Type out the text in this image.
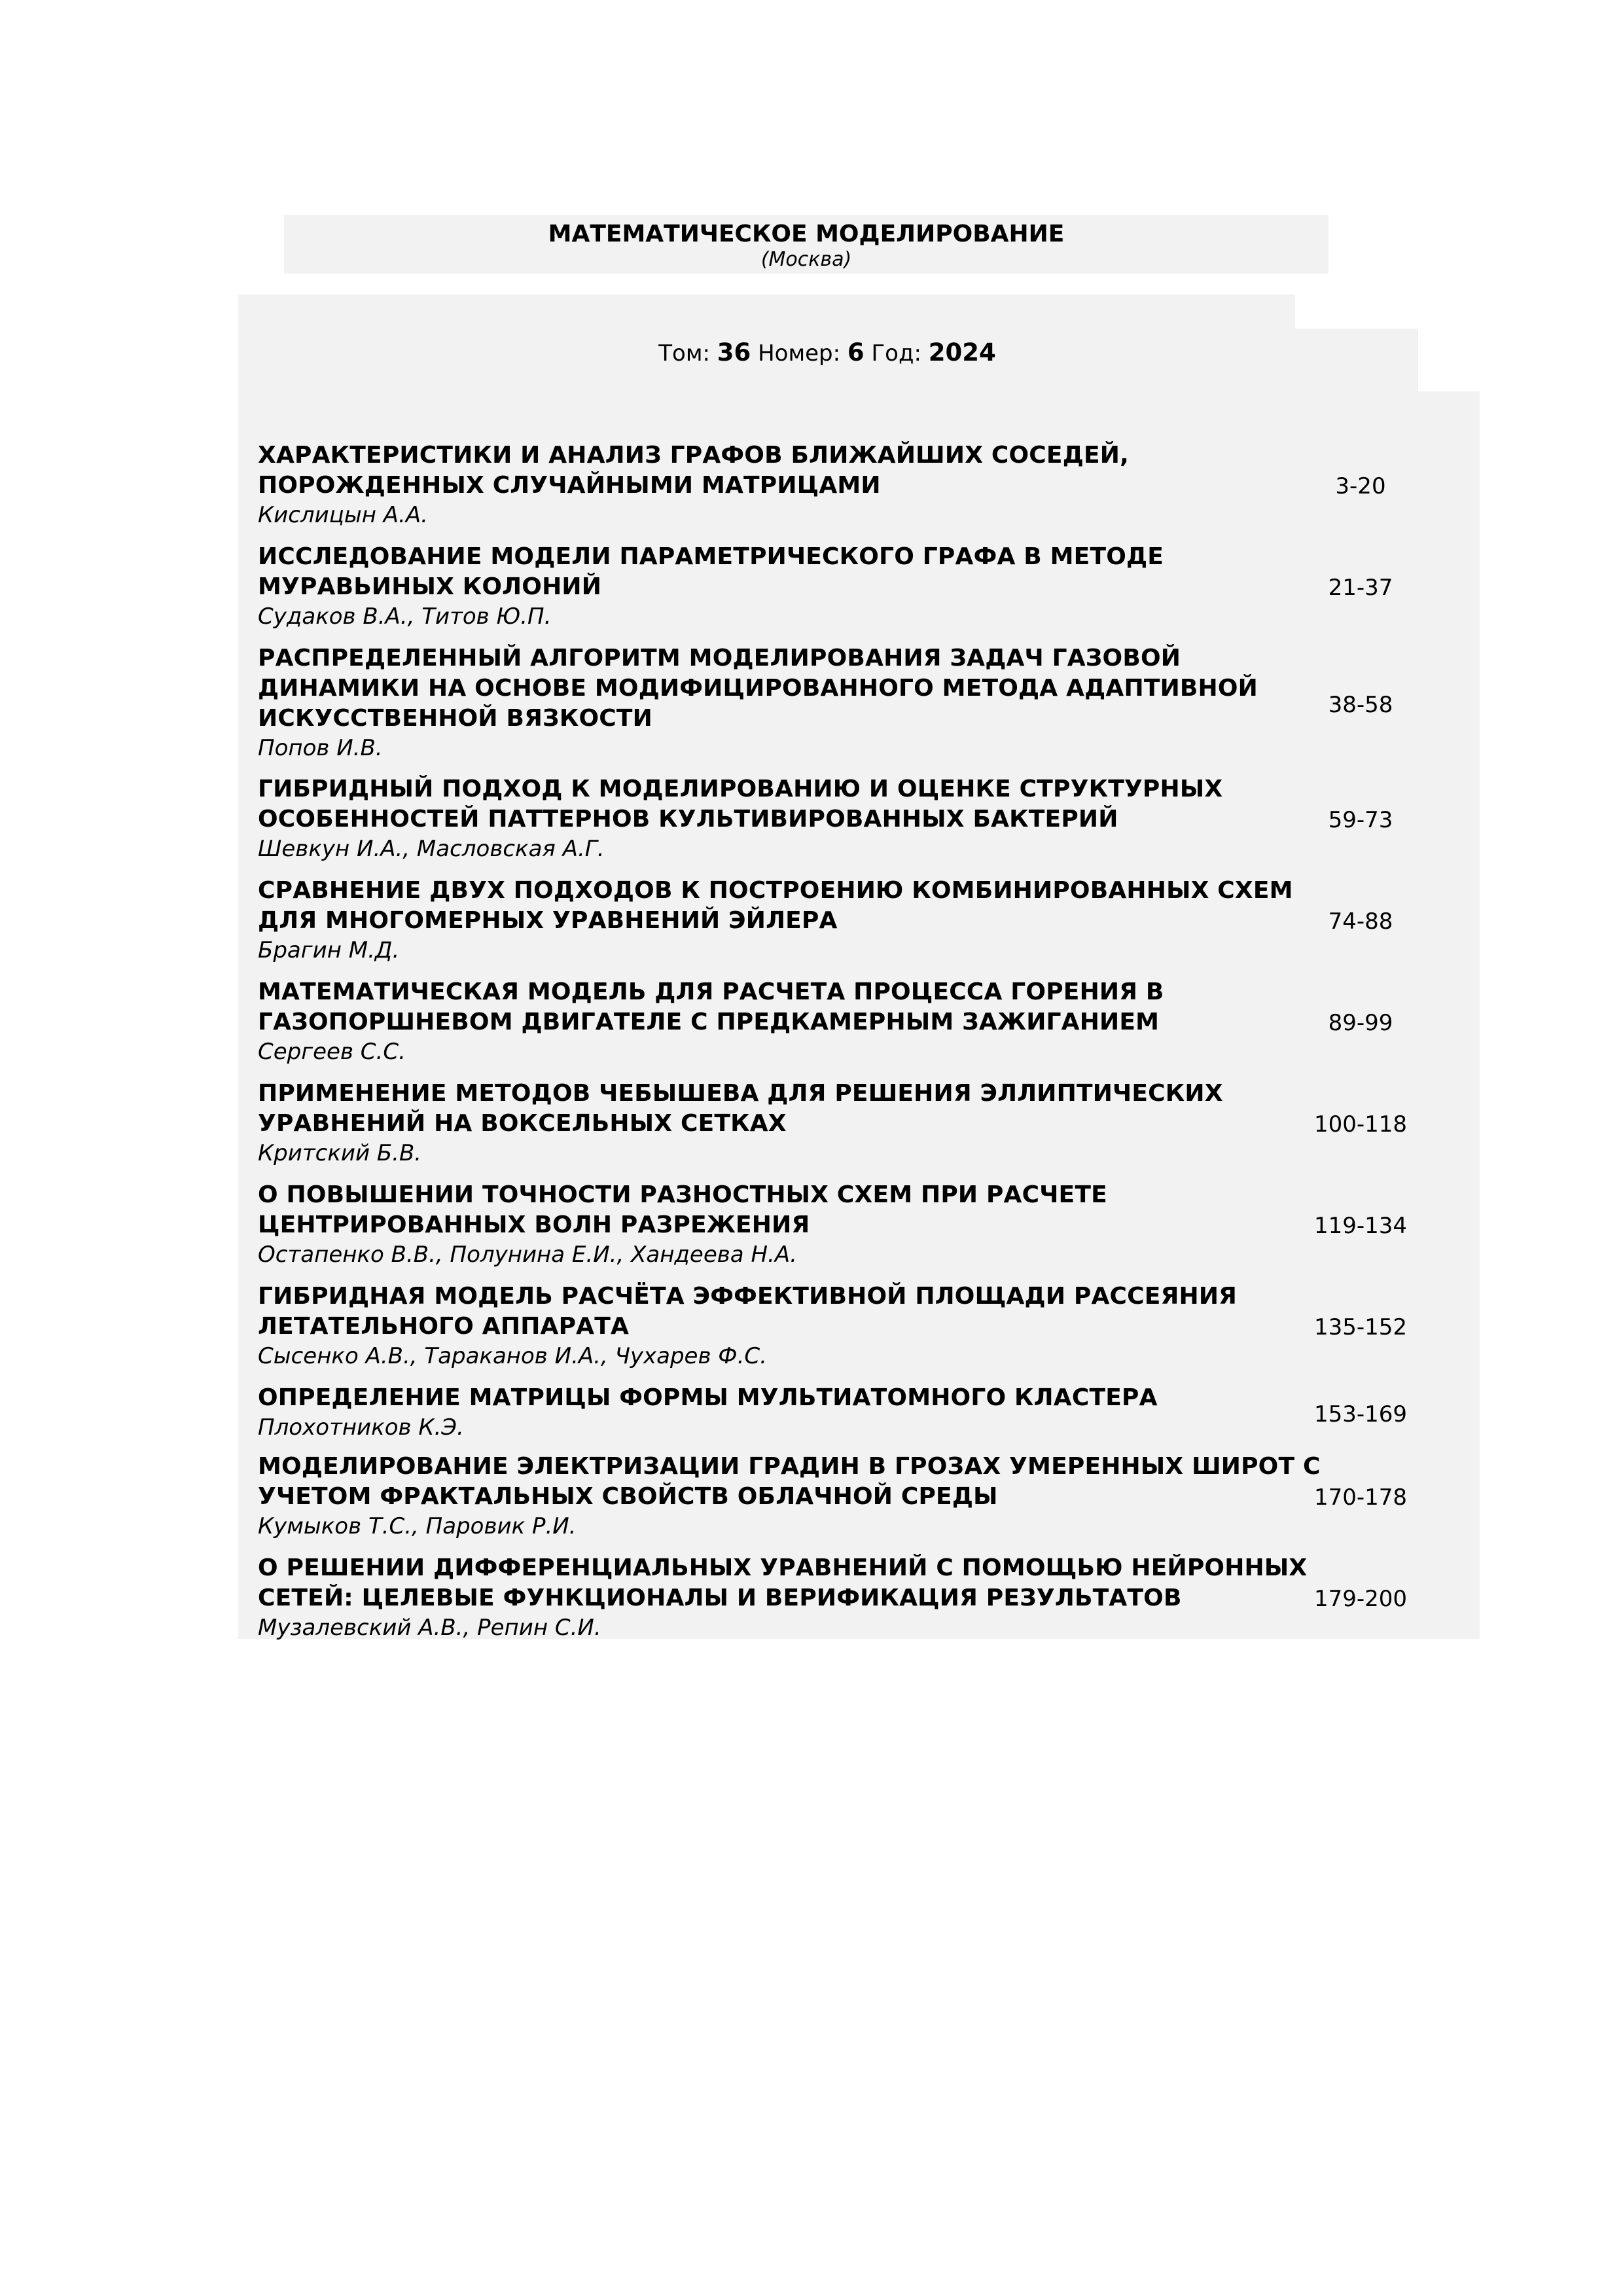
МАТЕМАТИЧЕСКОЕ МОДЕЛИРОВАНИЕ
(Москва)
Том: 36 Номер: 6 Год: 2024
ХАРАКТЕРИСТИКИ И АНАЛИЗ ГРАФОВ БЛИЖАЙШИХ СОСЕДЕЙ, ПОРОЖДЕННЫХ СЛУЧАЙНЫМИ МАТРИЦАМИ
Кислицын А.А.
3-20
ИССЛЕДОВАНИЕ МОДЕЛИ ПАРАМЕТРИЧЕСКОГО ГРАФА В МЕТОДЕ МУРАВЬИНЫХ КОЛОНИЙ
Судаков В.А., Титов Ю.П.
21-37
РАСПРЕДЕЛЕННЫЙ АЛГОРИТМ МОДЕЛИРОВАНИЯ ЗАДАЧ ГАЗОВОЙ ДИНАМИКИ НА ОСНОВЕ МОДИФИЦИРОВАННОГО МЕТОДА АДАПТИВНОЙ ИСКУССТВЕННОЙ ВЯЗКОСТИ
Попов И.В.
38-58
ГИБРИДНЫЙ ПОДХОД К МОДЕЛИРОВАНИЮ И ОЦЕНКЕ СТРУКТУРНЫХ ОСОБЕННОСТЕЙ ПАТТЕРНОВ КУЛЬТИВИРОВАННЫХ БАКТЕРИЙ
Шевкун И.А., Масловская А.Г.
59-73
СРАВНЕНИЕ ДВУХ ПОДХОДОВ К ПОСТРОЕНИЮ КОМБИНИРОВАННЫХ СХЕМ ДЛЯ МНОГОМЕРНЫХ УРАВНЕНИЙ ЭЙЛЕРА
Брагин М.Д.
74-88
МАТЕМАТИЧЕСКАЯ МОДЕЛЬ ДЛЯ РАСЧЕТА ПРОЦЕССА ГОРЕНИЯ В ГАЗОПОРШНЕВОМ ДВИГАТЕЛЕ С ПРЕДКАМЕРНЫМ ЗАЖИГАНИЕМ
Сергеев С.С.
89-99
ПРИМЕНЕНИЕ МЕТОДОВ ЧЕБЫШЕВА ДЛЯ РЕШЕНИЯ ЭЛЛИПТИЧЕСКИХ УРАВНЕНИЙ НА ВОКСЕЛЬНЫХ СЕТКАХ
Критский Б.В.
100-118
О ПОВЫШЕНИИ ТОЧНОСТИ РАЗНОСТНЫХ СХЕМ ПРИ РАСЧЕТЕ ЦЕНТРИРОВАННЫХ ВОЛН РАЗРЕЖЕНИЯ
Остапенко В.В., Полунина Е.И., Хандеева Н.А.
119-134
ГИБРИДНАЯ МОДЕЛЬ РАСЧЁТА ЭФФЕКТИВНОЙ ПЛОЩАДИ РАССЕЯНИЯ ЛЕТАТЕЛЬНОГО АППАРАТА
Сысенко А.В., Тараканов И.А., Чухарев Ф.С.
135-152
ОПРЕДЕЛЕНИЕ МАТРИЦЫ ФОРМЫ МУЛЬТИАТОМНОГО КЛАСТЕРА
Плохотников К.Э.	153-169
МОДЕЛИРОВАНИЕ ЭЛЕКТРИЗАЦИИ ГРАДИН В ГРОЗАХ УМЕРЕННЫХ ШИРОТ С УЧЕТОМ ФРАКТАЛЬНЫХ СВОЙСТВ ОБЛАЧНОЙ СРЕДЫ
Кумыков Т.С., Паровик Р.И.
170-178
О РЕШЕНИИ ДИФФЕРЕНЦИАЛЬНЫХ УРАВНЕНИЙ С ПОМОЩЬЮ НЕЙРОННЫХ СЕТЕЙ: ЦЕЛЕВЫЕ ФУНКЦИОНАЛЫ И ВЕРИФИКАЦИЯ РЕЗУЛЬТАТОВ
Музалевский А.В., Репин С.И.
179-200
